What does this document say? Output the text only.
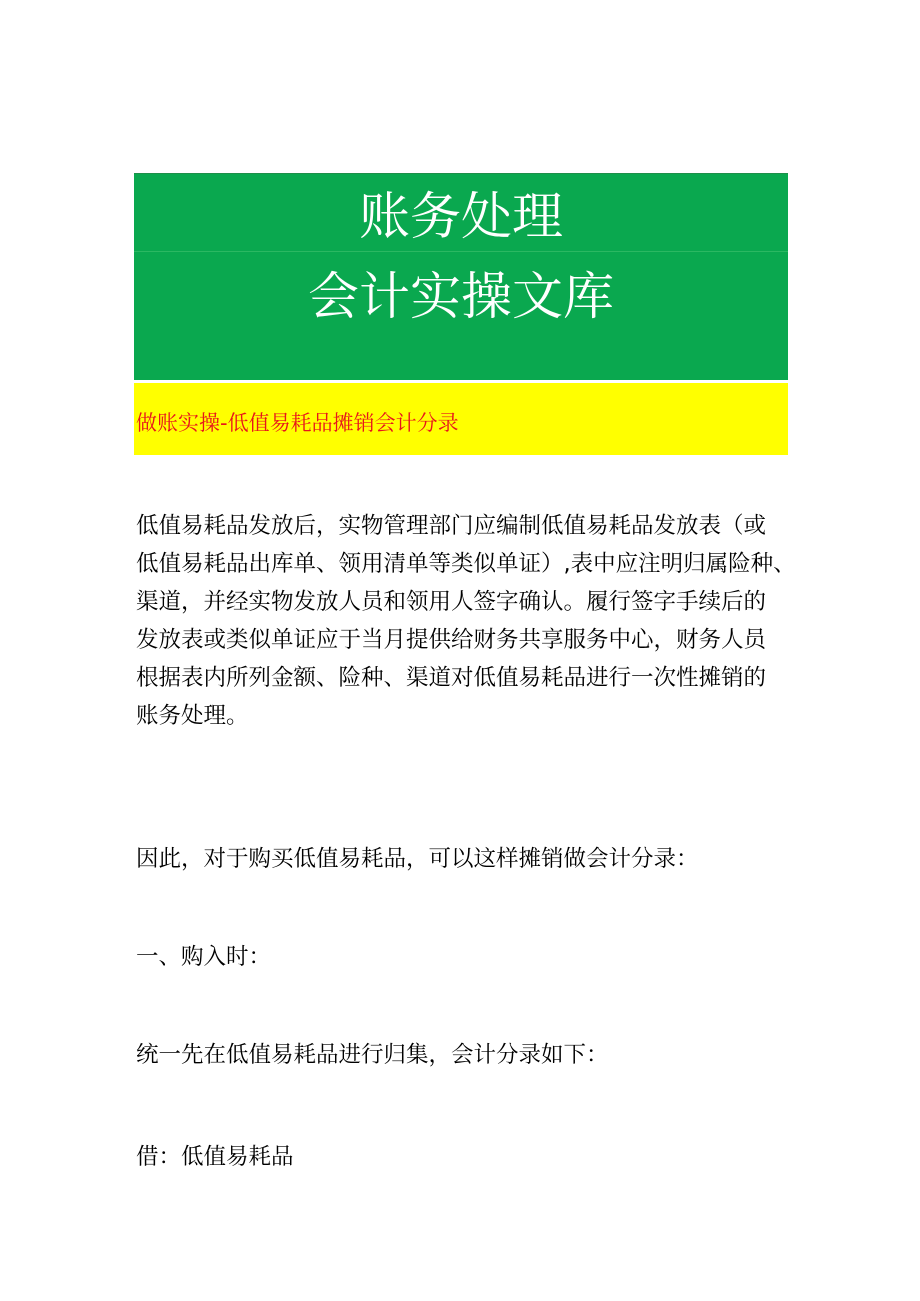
账务处理
会计实操文库
做账实操-低值易耗品摊销会计分录
低值易耗品发放后，实物管理部门应编制低值易耗品发放表（或
低值易耗品出库单、领用清单等类似单证）,表中应注明归属险种、
渠道，并经实物发放人员和领用人签字确认。履行签字手续后的
发放表或类似单证应于当月提供给财务共享服务中心，财务人员
根据表内所列金额、险种、渠道对低值易耗品进行一次性摊销的
账务处理。
因此，对于购买低值易耗品，可以这样摊销做会计分录：
一、购入时：
统一先在低值易耗品进行归集，会计分录如下：
借：低值易耗品
